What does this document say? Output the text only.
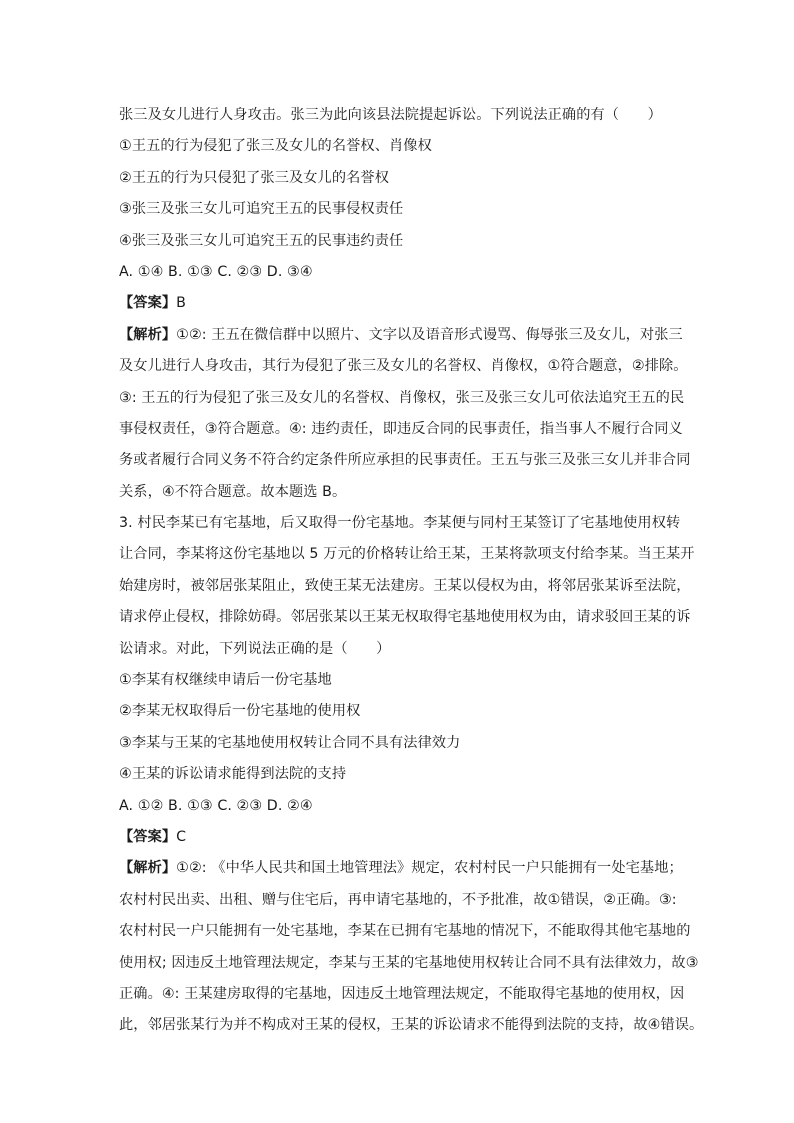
张三及女儿进行人身攻击。张三为此向该县法院提起诉讼。下列说法正确的有（　　）
①王五的行为侵犯了张三及女儿的名誉权、肖像权
②王五的行为只侵犯了张三及女儿的名誉权
③张三及张三女儿可追究王五的民事侵权责任
④张三及张三女儿可追究王五的民事违约责任
A. ①④ B. ①③ C. ②③ D. ③④
【答案】B
【解析】①②: 王五在微信群中以照片、文字以及语音形式谩骂、侮辱张三及女儿，对张三
及女儿进行人身攻击，其行为侵犯了张三及女儿的名誉权、肖像权，①符合题意，②排除。
③: 王五的行为侵犯了张三及女儿的名誉权、肖像权，张三及张三女儿可依法追究王五的民
事侵权责任，③符合题意。④: 违约责任，即违反合同的民事责任，指当事人不履行合同义
务或者履行合同义务不符合约定条件所应承担的民事责任。王五与张三及张三女儿并非合同
关系，④不符合题意。故本题选 B。
3. 村民李某已有宅基地，后又取得一份宅基地。李某便与同村王某签订了宅基地使用权转
让合同，李某将这份宅基地以 5 万元的价格转让给王某，王某将款项支付给李某。当王某开
始建房时，被邻居张某阻止，致使王某无法建房。王某以侵权为由，将邻居张某诉至法院，
请求停止侵权，排除妨碍。邻居张某以王某无权取得宅基地使用权为由，请求驳回王某的诉
讼请求。对此，下列说法正确的是（　　）
①李某有权继续申请后一份宅基地
②李某无权取得后一份宅基地的使用权
③李某与王某的宅基地使用权转让合同不具有法律效力
④王某的诉讼请求能得到法院的支持
A. ①② B. ①③ C. ②③ D. ②④
【答案】C
【解析】①②: 《中华人民共和国土地管理法》规定，农村村民一户只能拥有一处宅基地；
农村村民出卖、出租、赠与住宅后，再申请宅基地的，不予批准，故①错误，②正确。③:
农村村民一户只能拥有一处宅基地，李某在已拥有宅基地的情况下，不能取得其他宅基地的
使用权; 因违反土地管理法规定，李某与王某的宅基地使用权转让合同不具有法律效力，故③
正确。④: 王某建房取得的宅基地，因违反土地管理法规定，不能取得宅基地的使用权，因
此，邻居张某行为并不构成对王某的侵权，王某的诉讼请求不能得到法院的支持，故④错误。
